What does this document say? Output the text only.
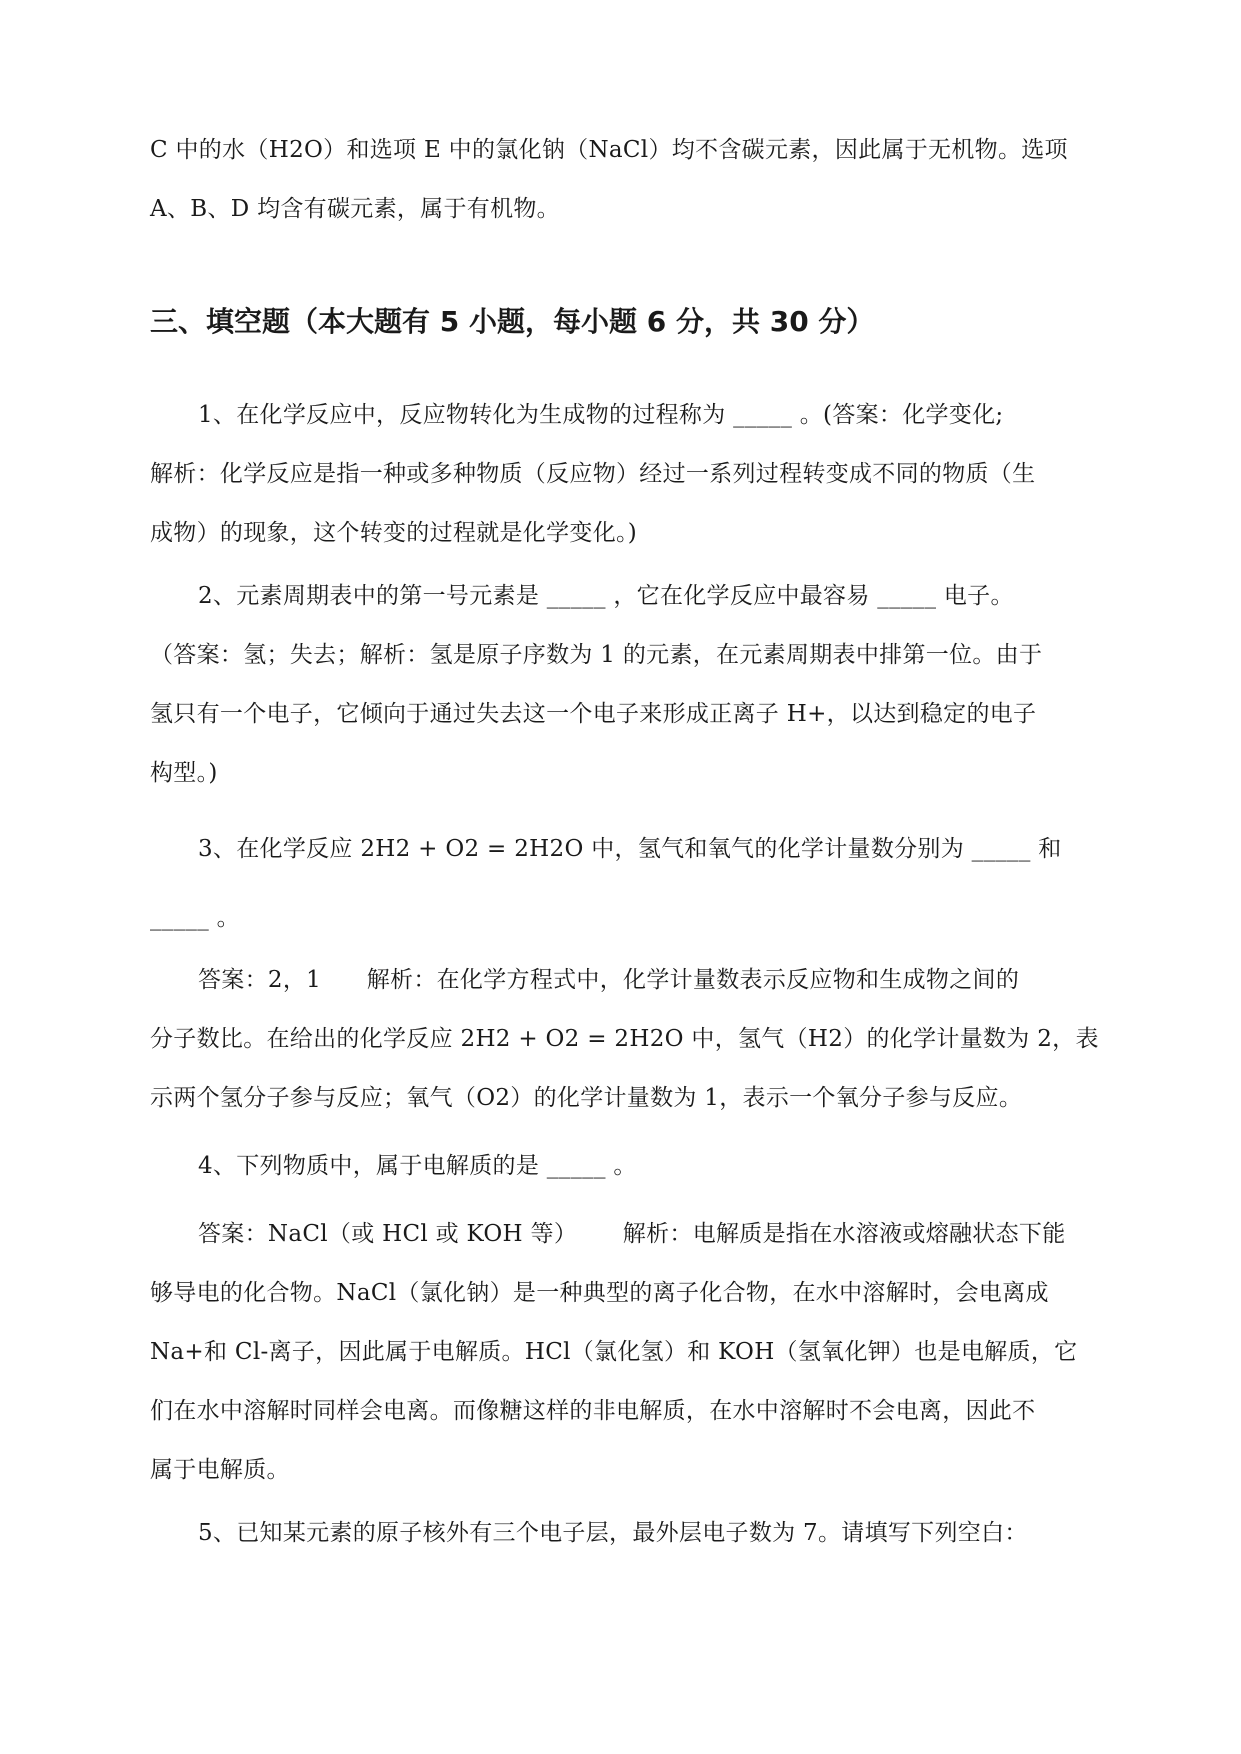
C 中的水（H2O）和选项 E 中的氯化钠（NaCl）均不含碳元素，因此属于无机物。选项
A、B、D 均含有碳元素，属于有机物。
三、填空题（本大题有 5 小题，每小题 6 分，共 30 分）
1、在化学反应中，反应物转化为生成物的过程称为 _____ 。(答案：化学变化;
解析：化学反应是指一种或多种物质（反应物）经过一系列过程转变成不同的物质（生
成物）的现象，这个转变的过程就是化学变化。)
2、元素周期表中的第一号元素是 _____ ，它在化学反应中最容易 _____ 电子。
（答案：氢；失去；解析：氢是原子序数为 1 的元素，在元素周期表中排第一位。由于
氢只有一个电子，它倾向于通过失去这一个电子来形成正离子 H+，以达到稳定的电子
构型。)
3、在化学反应 2H2 + O2 = 2H2O 中，氢气和氧气的化学计量数分别为 _____ 和
_____ 。
答案：2，1      解析：在化学方程式中，化学计量数表示反应物和生成物之间的
分子数比。在给出的化学反应 2H2 + O2 = 2H2O 中，氢气（H2）的化学计量数为 2，表
示两个氢分子参与反应；氧气（O2）的化学计量数为 1，表示一个氧分子参与反应。
4、下列物质中，属于电解质的是 _____ 。
答案：NaCl（或 HCl 或 KOH 等）      解析：电解质是指在水溶液或熔融状态下能
够导电的化合物。NaCl（氯化钠）是一种典型的离子化合物，在水中溶解时，会电离成
Na+和 Cl-离子，因此属于电解质。HCl（氯化氢）和 KOH（氢氧化钾）也是电解质，它
们在水中溶解时同样会电离。而像糖这样的非电解质，在水中溶解时不会电离，因此不
属于电解质。
5、已知某元素的原子核外有三个电子层，最外层电子数为 7。请填写下列空白：
